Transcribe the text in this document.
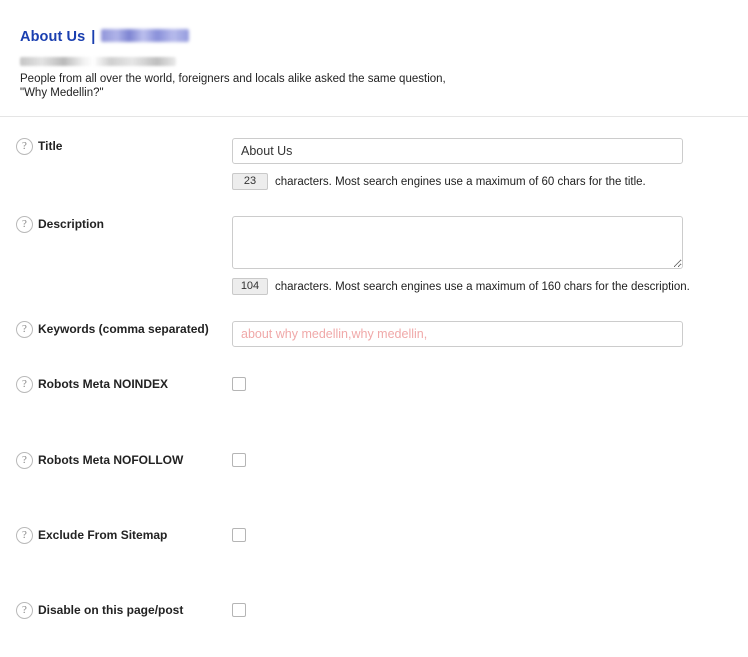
About Us |
People from all over the world, foreigners and locals alike asked the same question, "Why Medellin?"
? Title
About Us
23	characters. Most search engines use a maximum of 60 chars for the title.
? Description
104	characters. Most search engines use a maximum of 160 chars for the description.
? Keywords (comma separated)
about why medellin,why medellin,
? Robots Meta NOINDEX
? Robots Meta NOFOLLOW
? Exclude From Sitemap
? Disable on this page/post
